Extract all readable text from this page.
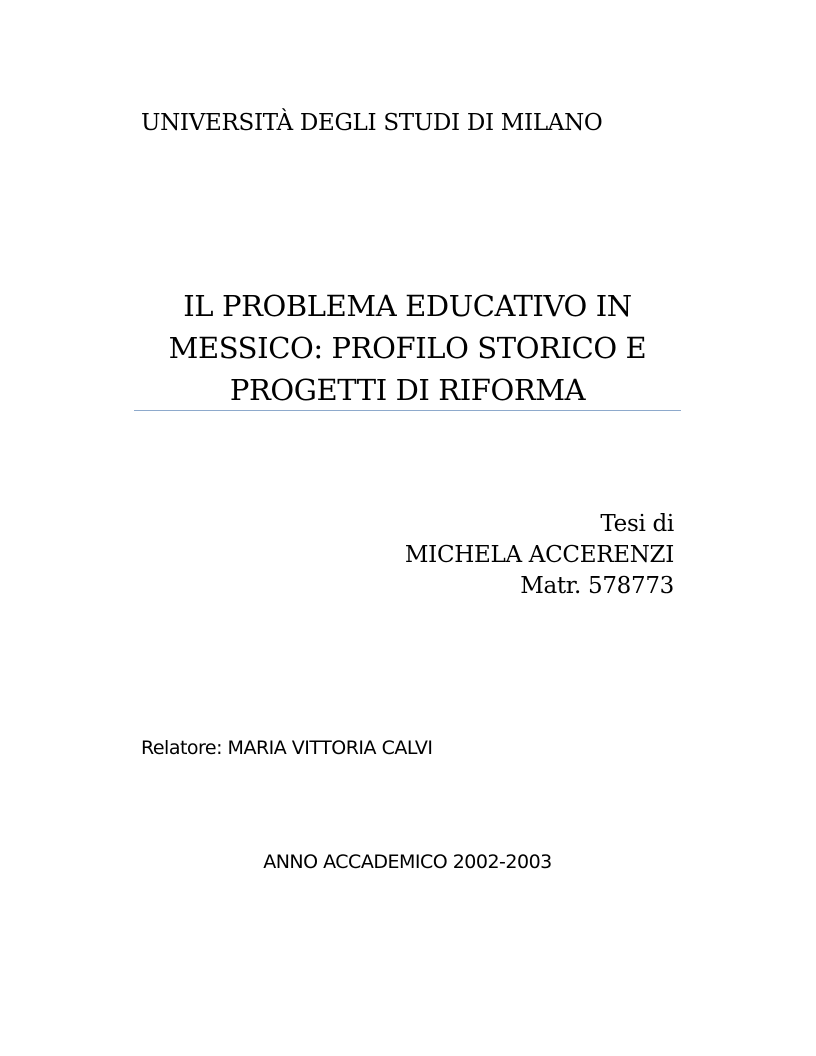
UNIVERSITÀ DEGLI STUDI DI MILANO
IL PROBLEMA EDUCATIVO IN
MESSICO: PROFILO STORICO E
PROGETTI DI RIFORMA
Tesi di
MICHELA ACCERENZI
Matr. 578773
Relatore: MARIA VITTORIA CALVI
ANNO ACCADEMICO 2002-2003
